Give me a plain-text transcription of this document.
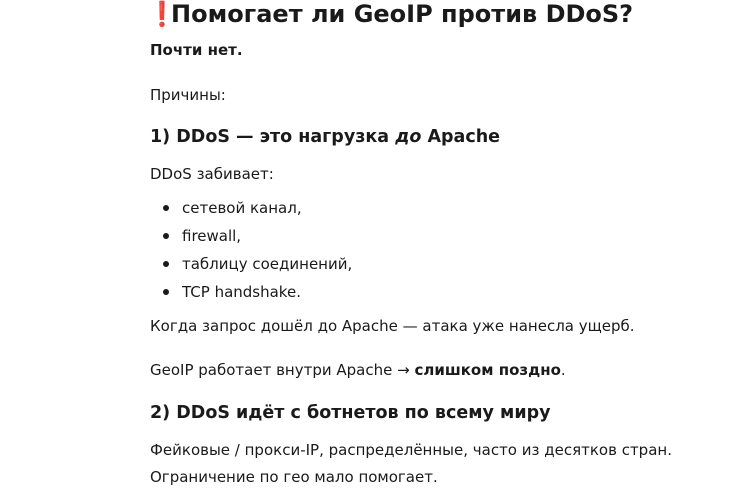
❗Помогает ли GeoIP против DDoS?

Почти нет.

Причины:

1) DDoS — это нагрузка до Apache

DDoS забивает:

сетевой канал,
firewall,
таблицу соединений,
TCP handshake.

Когда запрос дошёл до Apache — атака уже нанесла ущерб.

GeoIP работает внутри Apache → слишком поздно.

2) DDoS идёт с ботнетов по всему миру

Фейковые / прокси-IP, распределённые, часто из десятков стран.

Ограничение по гео мало помогает.
